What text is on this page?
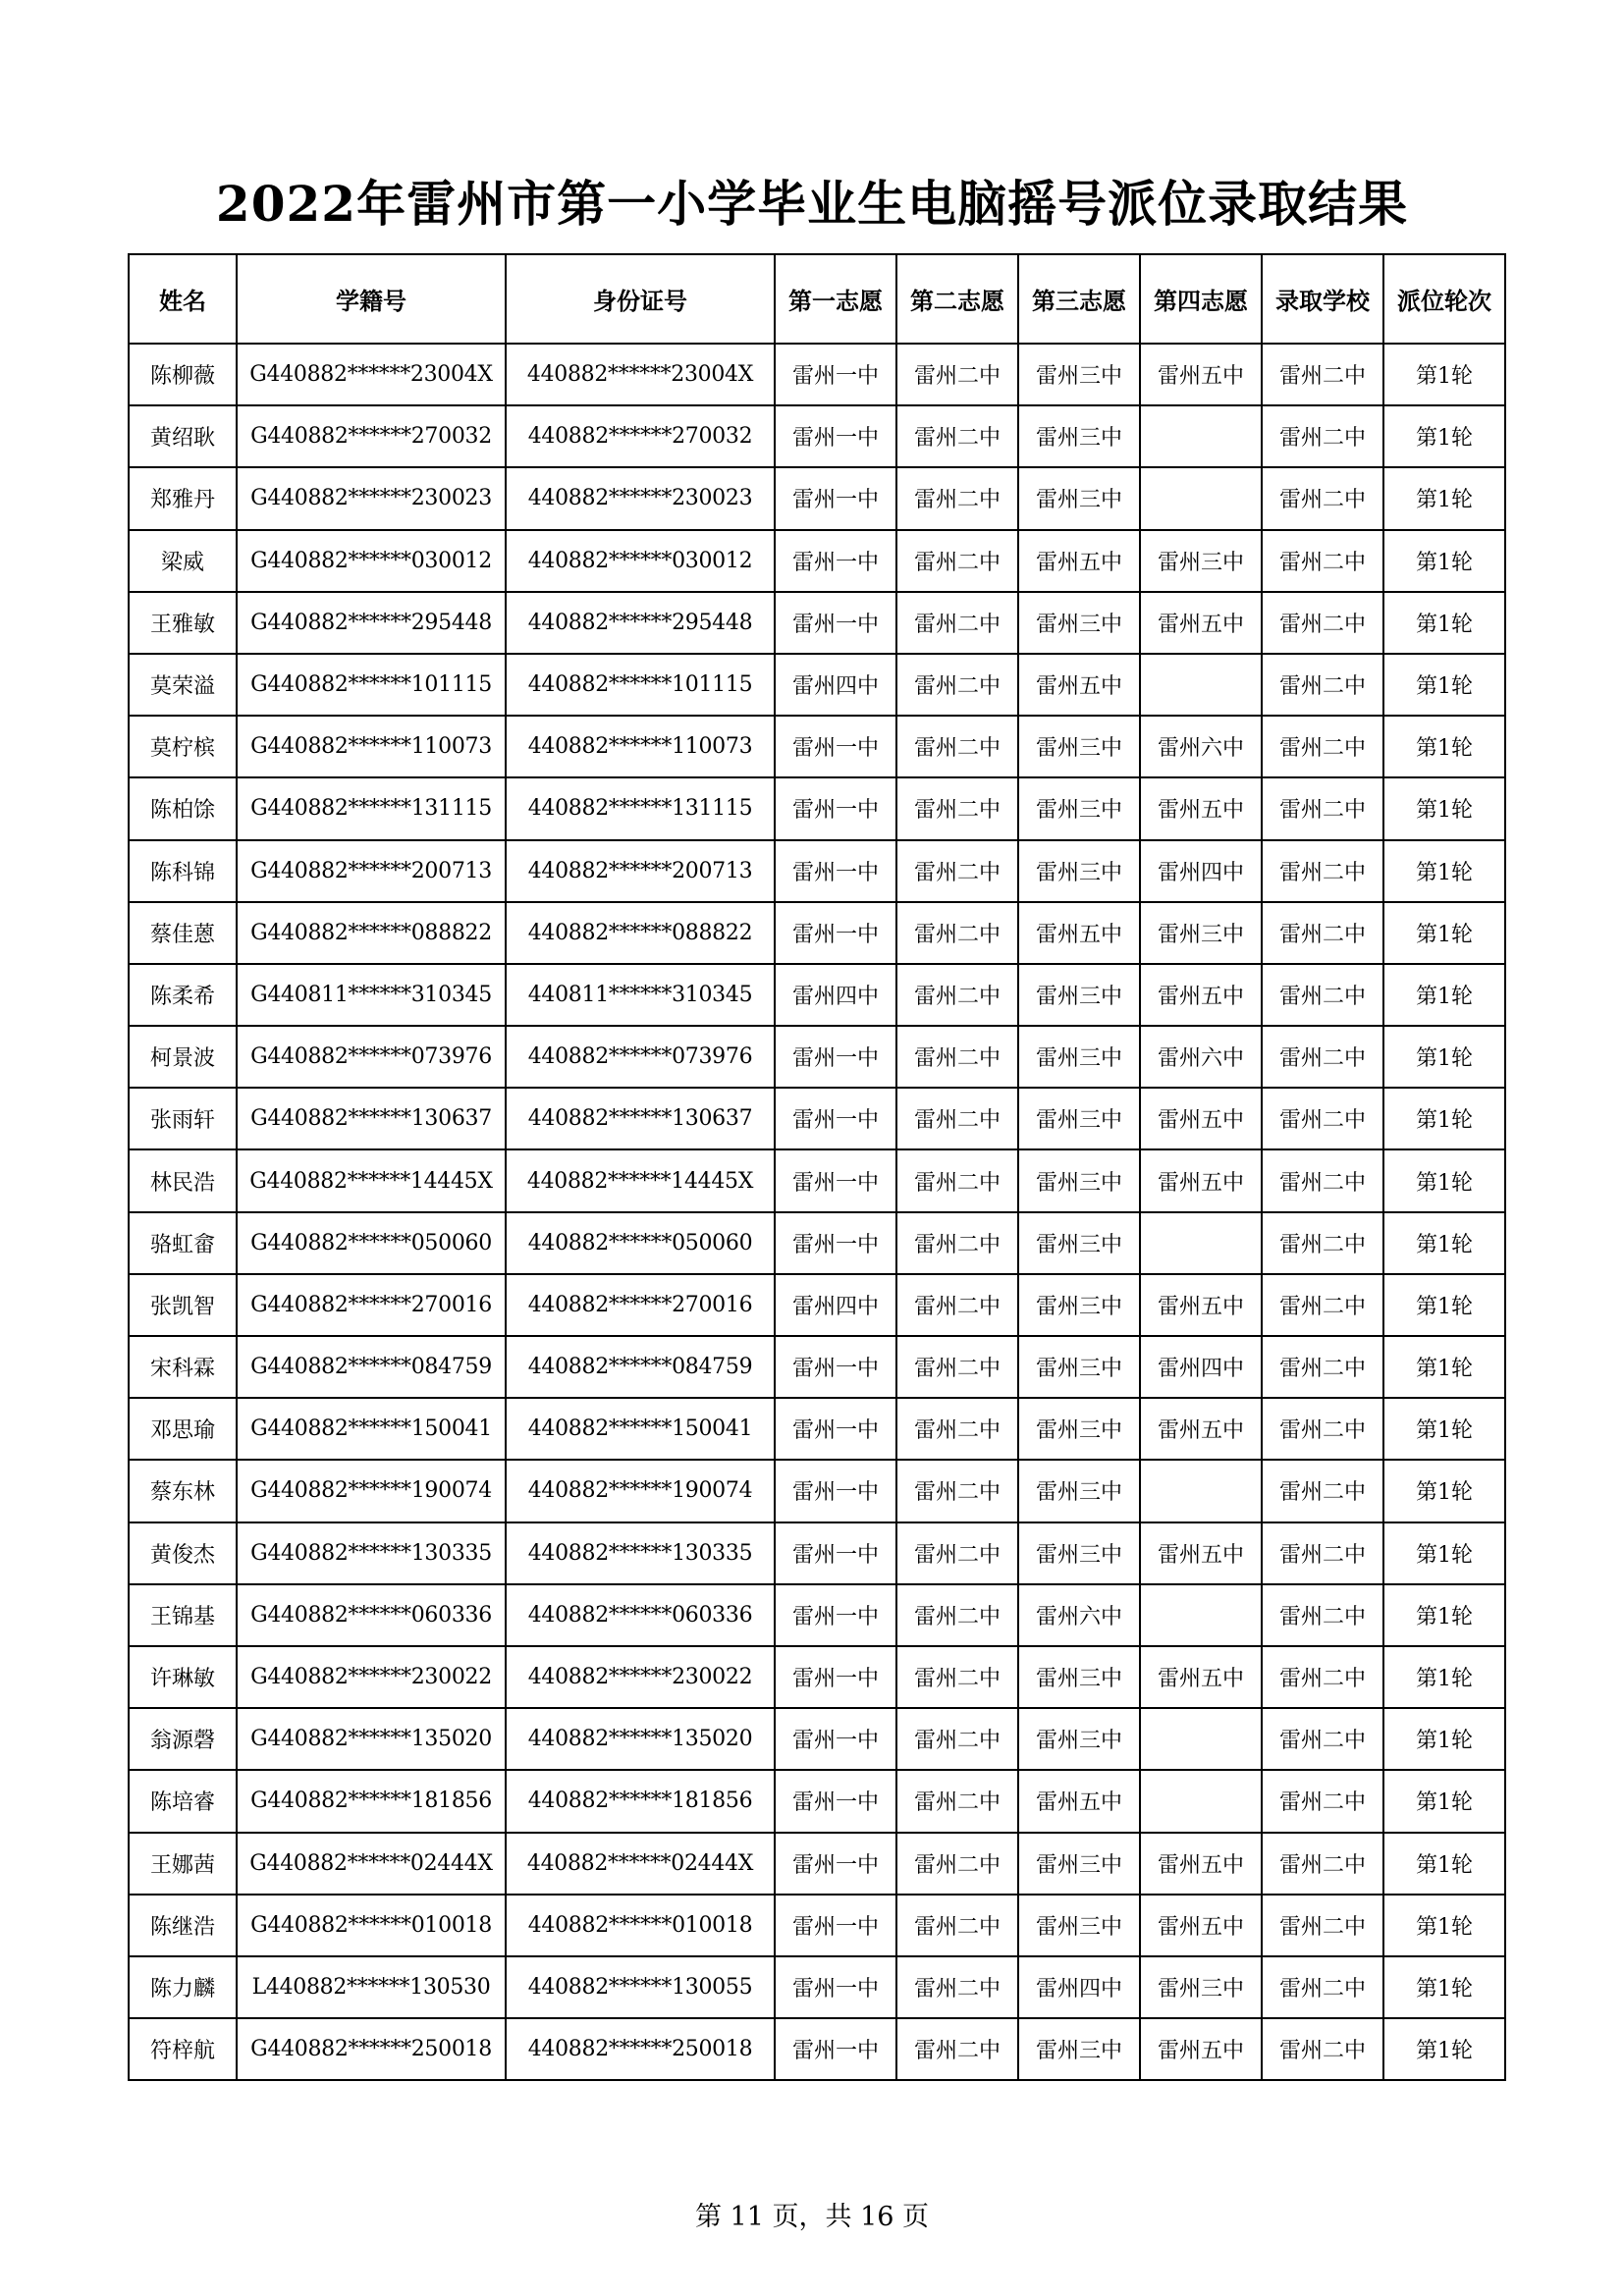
2022年雷州市第一小学毕业生电脑摇号派位录取结果
姓名	学籍号	身份证号	第一志愿	第二志愿	第三志愿	第四志愿	录取学校	派位轮次
陈柳薇	G440882******23004X	440882******23004X	雷州一中	雷州二中	雷州三中	雷州五中	雷州二中	第1轮
黄绍耿	G440882******270032	440882******270032	雷州一中	雷州二中	雷州三中		雷州二中	第1轮
郑雅丹	G440882******230023	440882******230023	雷州一中	雷州二中	雷州三中		雷州二中	第1轮
梁威	G440882******030012	440882******030012	雷州一中	雷州二中	雷州五中	雷州三中	雷州二中	第1轮
王雅敏	G440882******295448	440882******295448	雷州一中	雷州二中	雷州三中	雷州五中	雷州二中	第1轮
莫荣溢	G440882******101115	440882******101115	雷州四中	雷州二中	雷州五中		雷州二中	第1轮
莫柠槟	G440882******110073	440882******110073	雷州一中	雷州二中	雷州三中	雷州六中	雷州二中	第1轮
陈柏馀	G440882******131115	440882******131115	雷州一中	雷州二中	雷州三中	雷州五中	雷州二中	第1轮
陈科锦	G440882******200713	440882******200713	雷州一中	雷州二中	雷州三中	雷州四中	雷州二中	第1轮
蔡佳蒽	G440882******088822	440882******088822	雷州一中	雷州二中	雷州五中	雷州三中	雷州二中	第1轮
陈柔希	G440811******310345	440811******310345	雷州四中	雷州二中	雷州三中	雷州五中	雷州二中	第1轮
柯景波	G440882******073976	440882******073976	雷州一中	雷州二中	雷州三中	雷州六中	雷州二中	第1轮
张雨轩	G440882******130637	440882******130637	雷州一中	雷州二中	雷州三中	雷州五中	雷州二中	第1轮
林民浩	G440882******14445X	440882******14445X	雷州一中	雷州二中	雷州三中	雷州五中	雷州二中	第1轮
骆虹畲	G440882******050060	440882******050060	雷州一中	雷州二中	雷州三中		雷州二中	第1轮
张凯智	G440882******270016	440882******270016	雷州四中	雷州二中	雷州三中	雷州五中	雷州二中	第1轮
宋科霖	G440882******084759	440882******084759	雷州一中	雷州二中	雷州三中	雷州四中	雷州二中	第1轮
邓思瑜	G440882******150041	440882******150041	雷州一中	雷州二中	雷州三中	雷州五中	雷州二中	第1轮
蔡东林	G440882******190074	440882******190074	雷州一中	雷州二中	雷州三中		雷州二中	第1轮
黄俊杰	G440882******130335	440882******130335	雷州一中	雷州二中	雷州三中	雷州五中	雷州二中	第1轮
王锦基	G440882******060336	440882******060336	雷州一中	雷州二中	雷州六中		雷州二中	第1轮
许琳敏	G440882******230022	440882******230022	雷州一中	雷州二中	雷州三中	雷州五中	雷州二中	第1轮
翁源磬	G440882******135020	440882******135020	雷州一中	雷州二中	雷州三中		雷州二中	第1轮
陈培睿	G440882******181856	440882******181856	雷州一中	雷州二中	雷州五中		雷州二中	第1轮
王娜茜	G440882******02444X	440882******02444X	雷州一中	雷州二中	雷州三中	雷州五中	雷州二中	第1轮
陈继浩	G440882******010018	440882******010018	雷州一中	雷州二中	雷州三中	雷州五中	雷州二中	第1轮
陈力麟	L440882******130530	440882******130055	雷州一中	雷州二中	雷州四中	雷州三中	雷州二中	第1轮
符梓航	G440882******250018	440882******250018	雷州一中	雷州二中	雷州三中	雷州五中	雷州二中	第1轮
第 11 页，共 16 页
